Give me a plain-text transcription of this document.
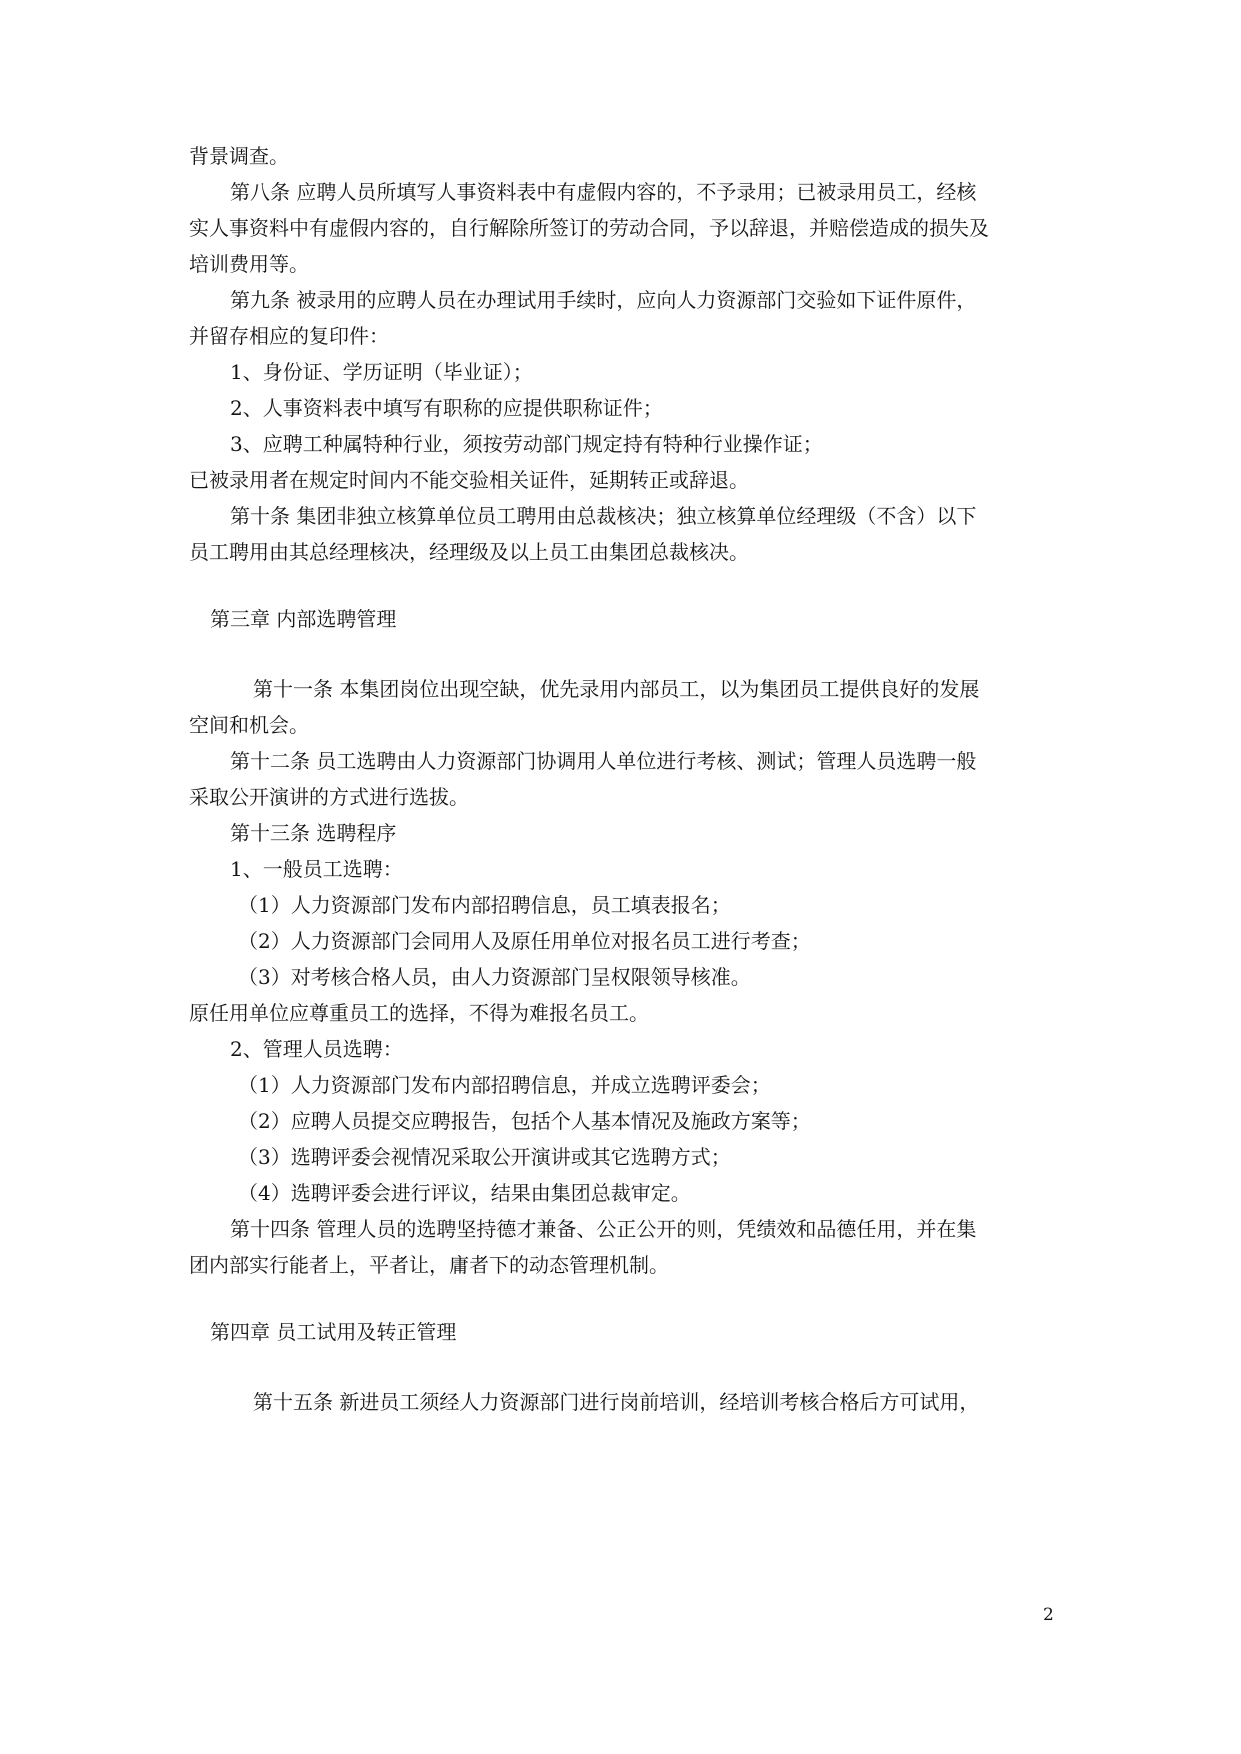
背景调查。

第八条 应聘人员所填写人事资料表中有虚假内容的，不予录用；已被录用员工，经核

实人事资料中有虚假内容的，自行解除所签订的劳动合同，予以辞退，并赔偿造成的损失及

培训费用等。

第九条 被录用的应聘人员在办理试用手续时，应向人力资源部门交验如下证件原件，

并留存相应的复印件：

1、身份证、学历证明（毕业证）；

2、人事资料表中填写有职称的应提供职称证件；

3、应聘工种属特种行业，须按劳动部门规定持有特种行业操作证；

已被录用者在规定时间内不能交验相关证件，延期转正或辞退。

第十条 集团非独立核算单位员工聘用由总裁核决；独立核算单位经理级（不含）以下

员工聘用由其总经理核决，经理级及以上员工由集团总裁核决。

第三章 内部选聘管理

第十一条 本集团岗位出现空缺，优先录用内部员工，以为集团员工提供良好的发展

空间和机会。

第十二条 员工选聘由人力资源部门协调用人单位进行考核、测试；管理人员选聘一般

采取公开演讲的方式进行选拔。

第十三条 选聘程序

1、一般员工选聘：

（1）人力资源部门发布内部招聘信息，员工填表报名；

（2）人力资源部门会同用人及原任用单位对报名员工进行考查；

（3）对考核合格人员，由人力资源部门呈权限领导核准。

原任用单位应尊重员工的选择，不得为难报名员工。

2、管理人员选聘：

（1）人力资源部门发布内部招聘信息，并成立选聘评委会；

（2）应聘人员提交应聘报告，包括个人基本情况及施政方案等；

（3）选聘评委会视情况采取公开演讲或其它选聘方式；

（4）选聘评委会进行评议，结果由集团总裁审定。

第十四条 管理人员的选聘坚持德才兼备、公正公开的则，凭绩效和品德任用，并在集

团内部实行能者上，平者让，庸者下的动态管理机制。

第四章 员工试用及转正管理

第十五条 新进员工须经人力资源部门进行岗前培训，经培训考核合格后方可试用，

2
